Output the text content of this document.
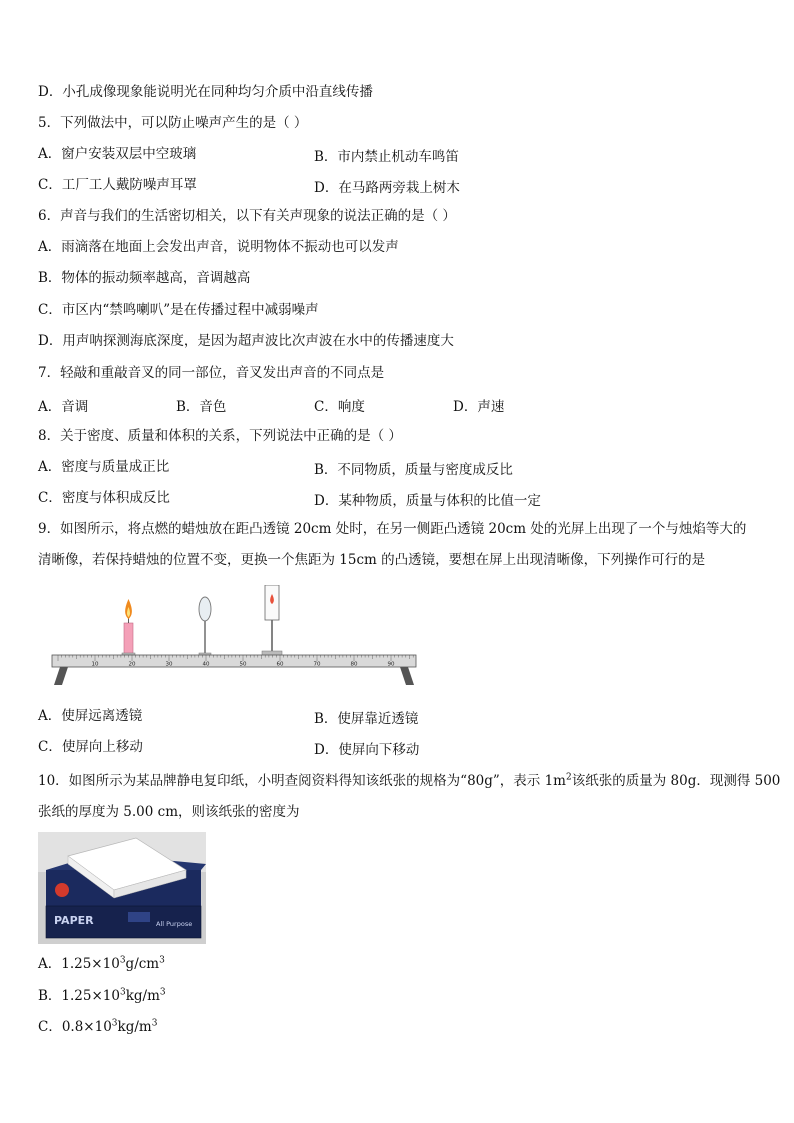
D．小孔成像现象能说明光在同种均匀介质中沿直线传播
5．下列做法中，可以防止噪声产生的是（ ）
A．窗户安装双层中空玻璃	B．市内禁止机动车鸣笛
C．工厂工人戴防噪声耳罩	D．在马路两旁栽上树木
6．声音与我们的生活密切相关，以下有关声现象的说法正确的是（ ）
A．雨滴落在地面上会发出声音，说明物体不振动也可以发声
B．物体的振动频率越高，音调越高
C．市区内“禁鸣喇叭”是在传播过程中减弱噪声
D．用声呐探测海底深度，是因为超声波比次声波在水中的传播速度大
7．轻敲和重敲音叉的同一部位，音叉发出声音的不同点是
A．音调	B．音色	C．响度	D．声速
8．关于密度、质量和体积的关系，下列说法中正确的是（ ）
A．密度与质量成正比	B．不同物质，质量与密度成反比
C．密度与体积成反比	D．某种物质，质量与体积的比值一定
9．如图所示，将点燃的蜡烛放在距凸透镜 20cm 处时，在另一侧距凸透镜 20cm 处的光屏上出现了一个与烛焰等大的
清晰像，若保持蜡烛的位置不变，更换一个焦距为 15cm 的凸透镜，要想在屏上出现清晰像，下列操作可行的是
10	20	30	40	50	60	70	80	90
A．使屏远离透镜	B．使屏靠近透镜
C．使屏向上移动	D．使屏向下移动
10．如图所示为某品牌静电复印纸，小明查阅资料得知该纸张的规格为“80g”，表示 $1m^2$该纸张的质量为 80g．现测得 500
张纸的厚度为 5.00 cm，则该纸张的密度为
PAPER	All Purpose
A．$1.25\times 10^3g/cm^3$
B．$1.25\times 10^3kg/m^3$
C．$0.8\times 10^3kg/m^3$
